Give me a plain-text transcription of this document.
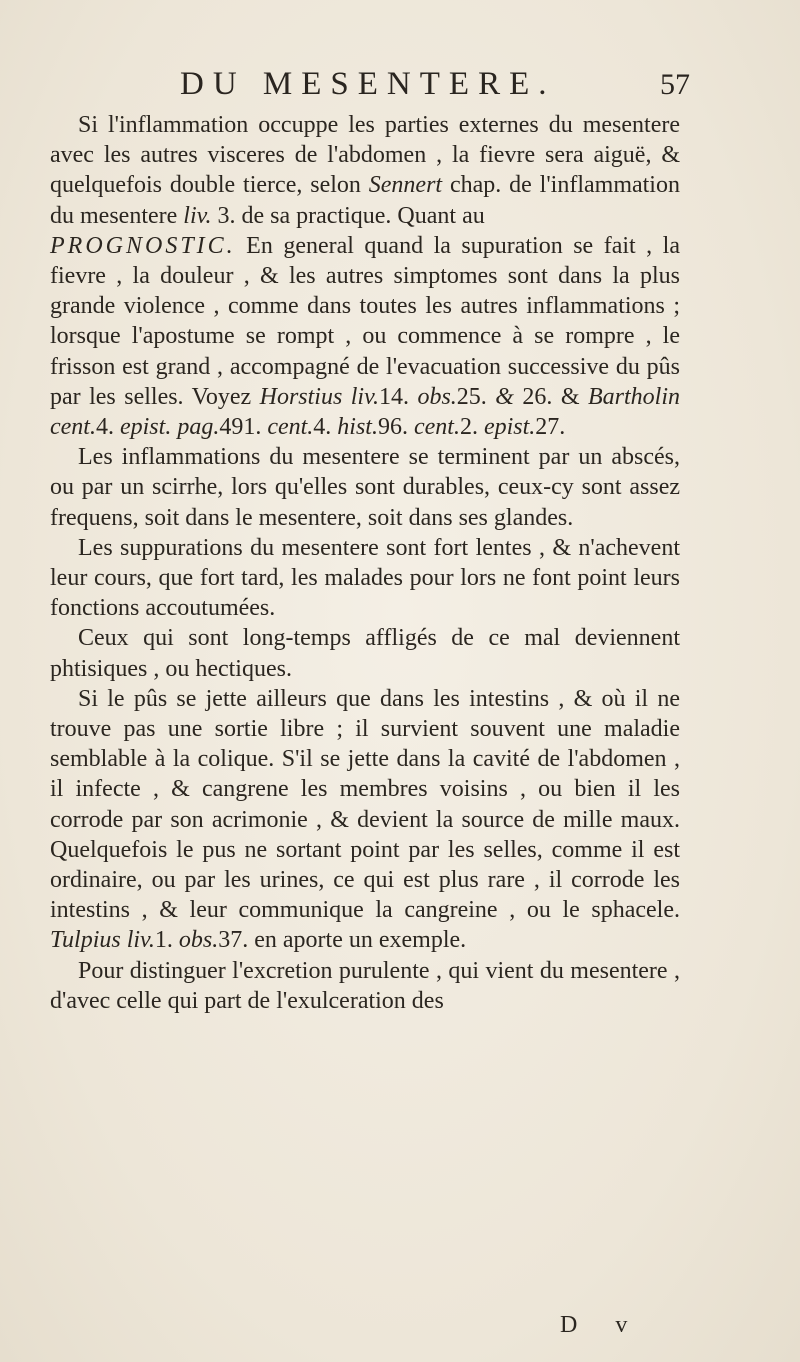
DU MESENTERE.	57

Si l'inflammation occuppe les parties externes du mesentere avec les autres visceres de l'abdomen , la fievre sera aiguë, & quelquefois double tierce, selon Sennert chap. de l'inflammation du mesentere liv. 3. de sa practique. Quant au

PROGNOSTIC. En general quand la supuration se fait , la fievre , la douleur , & les autres simptomes sont dans la plus grande violence , comme dans toutes les autres inflammations ; lorsque l'apostume se rompt , ou commence à se rompre , le frisson est grand , accompagné de l'evacuation successive du pûs par les selles. Voyez Horstius liv.14. obs.25. & 26. & Bartholin cent.4. epist. pag.491. cent.4. hist.96. cent.2. epist.27.

Les inflammations du mesentere se terminent par un abscés, ou par un scirrhe, lors qu'elles sont durables, ceux-cy sont assez frequens, soit dans le mesentere, soit dans ses glandes.

Les suppurations du mesentere sont fort lentes , & n'achevent leur cours, que fort tard, les malades pour lors ne font point leurs fonctions accoutumées.

Ceux qui sont long-temps affligés de ce mal deviennent phtisiques , ou hectiques.

Si le pûs se jette ailleurs que dans les intestins , & où il ne trouve pas une sortie libre ; il survient souvent une maladie semblable à la colique. S'il se jette dans la cavité de l'abdomen , il infecte , & cangrene les membres voisins , ou bien il les corrode par son acrimonie , & devient la source de mille maux. Quelquefois le pus ne sortant point par les selles, comme il est ordinaire, ou par les urines, ce qui est plus rare , il corrode les intestins , & leur communique la cangreine , ou le sphacele. Tulpius liv.1. obs.37. en aporte un exemple.

Pour distinguer l'excretion purulente , qui vient du mesentere , d'avec celle qui part de l'exulceration des

D v
